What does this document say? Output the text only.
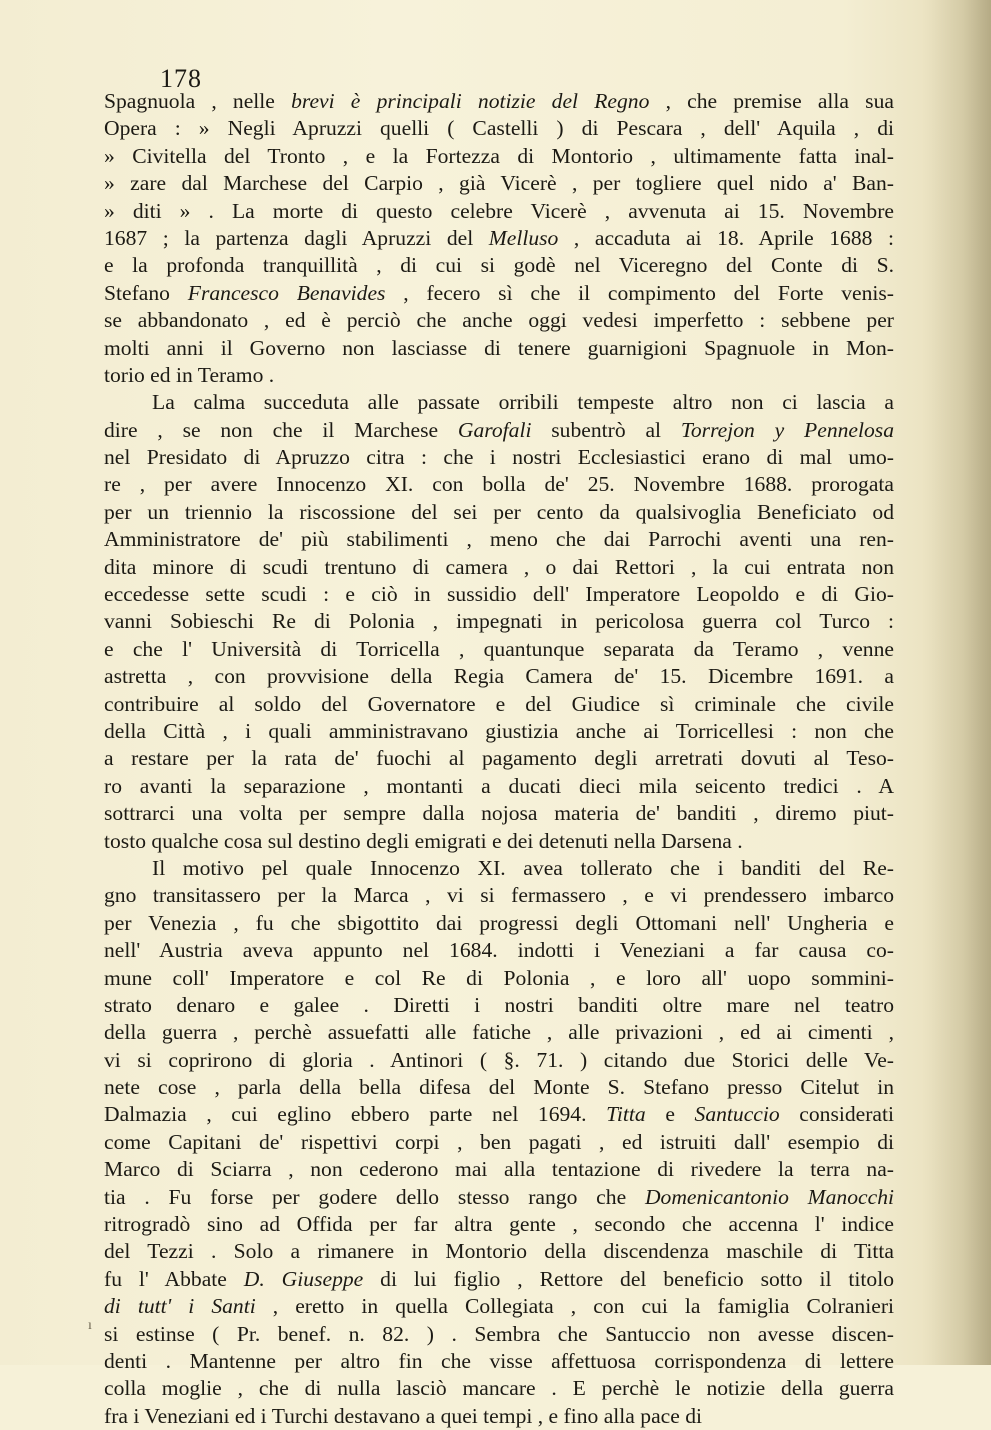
178
Spagnuola , nelle brevi è principali notizie del Regno , che premise alla sua
Opera : » Negli Apruzzi quelli ( Castelli ) di Pescara , dell' Aquila , di
» Civitella del Tronto , e la Fortezza di Montorio , ultimamente fatta inal-
» zare dal Marchese del Carpio , già Vicerè , per togliere quel nido a' Ban-
» diti » . La morte di questo celebre Vicerè , avvenuta ai 15. Novembre
1687 ; la partenza dagli Apruzzi del Melluso , accaduta ai 18. Aprile 1688 :
e la profonda tranquillità , di cui si godè nel Viceregno del Conte di S.
Stefano Francesco Benavides , fecero sì che il compimento del Forte venis-
se abbandonato , ed è perciò che anche oggi vedesi imperfetto : sebbene per
molti anni il Governo non lasciasse di tenere guarnigioni Spagnuole in Mon-
torio ed in Teramo .
La calma succeduta alle passate orribili tempeste altro non ci lascia a
dire , se non che il Marchese Garofali subentrò al Torrejon y Pennelosa
nel Presidato di Apruzzo citra : che i nostri Ecclesiastici erano di mal umo-
re , per avere Innocenzo XI. con bolla de' 25. Novembre 1688. prorogata
per un triennio la riscossione del sei per cento da qualsivoglia Beneficiato od
Amministratore de' più stabilimenti , meno che dai Parrochi aventi una ren-
dita minore di scudi trentuno di camera , o dai Rettori , la cui entrata non
eccedesse sette scudi : e ciò in sussidio dell' Imperatore Leopoldo e di Gio-
vanni Sobieschi Re di Polonia , impegnati in pericolosa guerra col Turco :
e che l' Università di Torricella , quantunque separata da Teramo , venne
astretta , con provvisione della Regia Camera de' 15. Dicembre 1691. a
contribuire al soldo del Governatore e del Giudice sì criminale che civile
della Città , i quali amministravano giustizia anche ai Torricellesi : non che
a restare per la rata de' fuochi al pagamento degli arretrati dovuti al Teso-
ro avanti la separazione , montanti a ducati dieci mila seicento tredici . A
sottrarci una volta per sempre dalla nojosa materia de' banditi , diremo piut-
tosto qualche cosa sul destino degli emigrati e dei detenuti nella Darsena .
Il motivo pel quale Innocenzo XI. avea tollerato che i banditi del Re-
gno transitassero per la Marca , vi si fermassero , e vi prendessero imbarco
per Venezia , fu che sbigottito dai progressi degli Ottomani nell' Ungheria e
nell' Austria aveva appunto nel 1684. indotti i Veneziani a far causa co-
mune coll' Imperatore e col Re di Polonia , e loro all' uopo sommini-
strato denaro e galee . Diretti i nostri banditi oltre mare nel teatro
della guerra , perchè assuefatti alle fatiche , alle privazioni , ed ai cimenti ,
vi si coprirono di gloria . Antinori ( §. 71. ) citando due Storici delle Ve-
nete cose , parla della bella difesa del Monte S. Stefano presso Citelut in
Dalmazia , cui eglino ebbero parte nel 1694. Titta e Santuccio considerati
come Capitani de' rispettivi corpi , ben pagati , ed istruiti dall' esempio di
Marco di Sciarra , non cederono mai alla tentazione di rivedere la terra na-
tia . Fu forse per godere dello stesso rango che Domenicantonio Manocchi
ritrogradò sino ad Offida per far altra gente , secondo che accenna l' indice
del Tezzi . Solo a rimanere in Montorio della discendenza maschile di Titta
fu l' Abbate D. Giuseppe di lui figlio , Rettore del beneficio sotto il titolo
di tutt' i Santi , eretto in quella Collegiata , con cui la famiglia Colranieri
si estinse ( Pr. benef. n. 82. ) . Sembra che Santuccio non avesse discen-
denti . Mantenne per altro fin che visse affettuosa corrispondenza di lettere
colla moglie , che di nulla lasciò mancare . E perchè le notizie della guerra
fra i Veneziani ed i Turchi destavano a quei tempi , e fino alla pace di
ı
